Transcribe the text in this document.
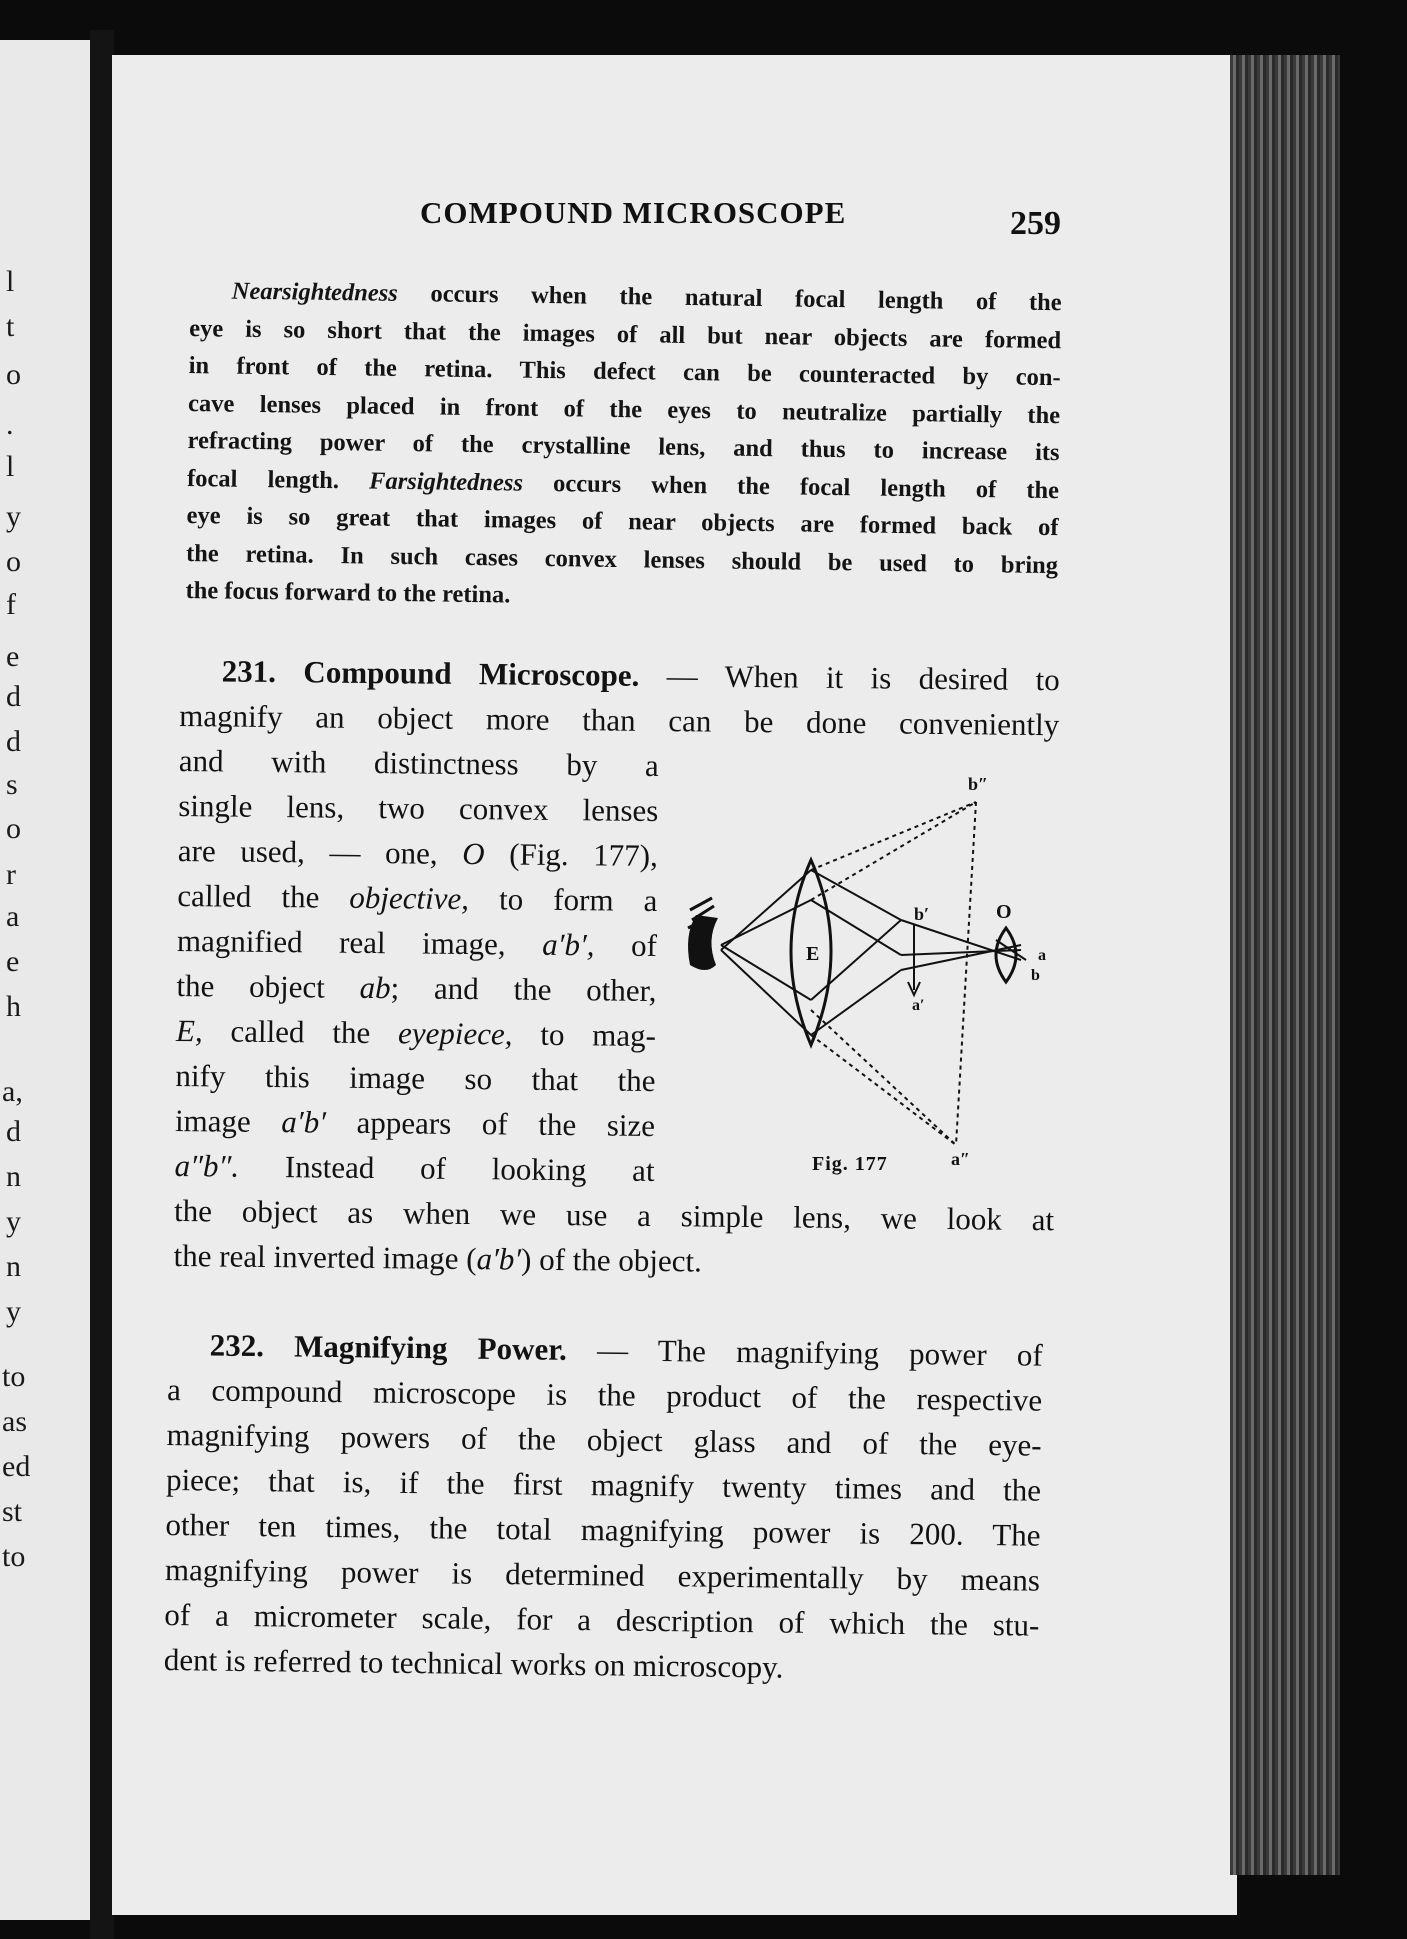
l
t
o
.
l
y
o
f
e
d
d
s
o
r
a
e
h
a,
d
n
y
n
y
to
as
ed
st
to
COMPOUND MICROSCOPE	259
Nearsightedness occurs when the natural focal length of the
eye is so short that the images of all but near objects are formed
in front of the retina. This defect can be counteracted by con-
cave lenses placed in front of the eyes to neutralize partially the
refracting power of the crystalline lens, and thus to increase its
focal length. Farsightedness occurs when the focal length of the
eye is so great that images of near objects are formed back of
the retina. In such cases convex lenses should be used to bring
the focus forward to the retina.
231. Compound Microscope. — When it is desired to
magnify an object more than can be done conveniently
and with distinctness by a
single lens, two convex lenses
are used, — one, O (Fig. 177),
called the objective, to form a
magnified real image, a′b′, of
the object ab; and the other,
E, called the eyepiece, to mag-
nify this image so that the
image a′b′ appears of the size
a″b″. Instead of looking at
the object as when we use a simple lens, we look at
the real inverted image (a′b′) of the object.
E
O
a
b
a′
b′
a″
b″
Fig. 177
232. Magnifying Power. — The magnifying power of
a compound microscope is the product of the respective
magnifying powers of the object glass and of the eye-
piece; that is, if the first magnify twenty times and the
other ten times, the total magnifying power is 200. The
magnifying power is determined experimentally by means
of a micrometer scale, for a description of which the stu-
dent is referred to technical works on microscopy.
